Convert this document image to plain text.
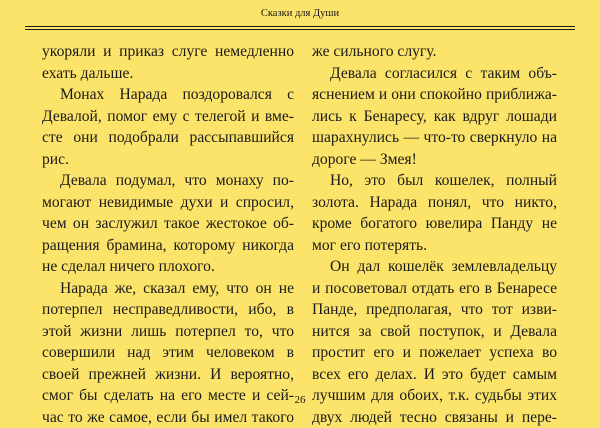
Сказки для Души
укоряли и приказ слуге немедленно
ехать дальше.
Монах Нарада поздоровался с
Девалой, помог ему с телегой и вме-
сте они подобрали рассыпавшийся
рис.
Девала подумал, что монаху по-
могают невидимые духи и спросил,
чем он заслужил такое жестокое об-
ращения брамина, которому никогда
не сделал ничего плохого.
Нарада же, сказал ему, что он не
потерпел несправедливости, ибо, в
этой жизни лишь потерпел то, что
совершили над этим человеком в
своей прежней жизни. И вероятно,
смог бы сделать на его месте и сей-
час то же самое, если бы имел такого
же сильного слугу.
Девала согласился с таким объ-
яснением и они спокойно приближа-
лись к Бенаресу, как вдруг лошади
шарахнулись — что-то сверкнуло на
дороге — Змея!
Но, это был кошелек, полный
золота. Нарада понял, что никто,
кроме богатого ювелира Панду не
мог его потерять.
Он дал кошелёк землевладельцу
и посоветовал отдать его в Бенаресе
Панде, предполагая, что тот изви-
нится за свой поступок, и Девала
простит его и пожелает успеха во
всех его делах. И это будет самым
лучшим для обоих, т.к. судьбы этих
двух людей тесно связаны и пере-
26
